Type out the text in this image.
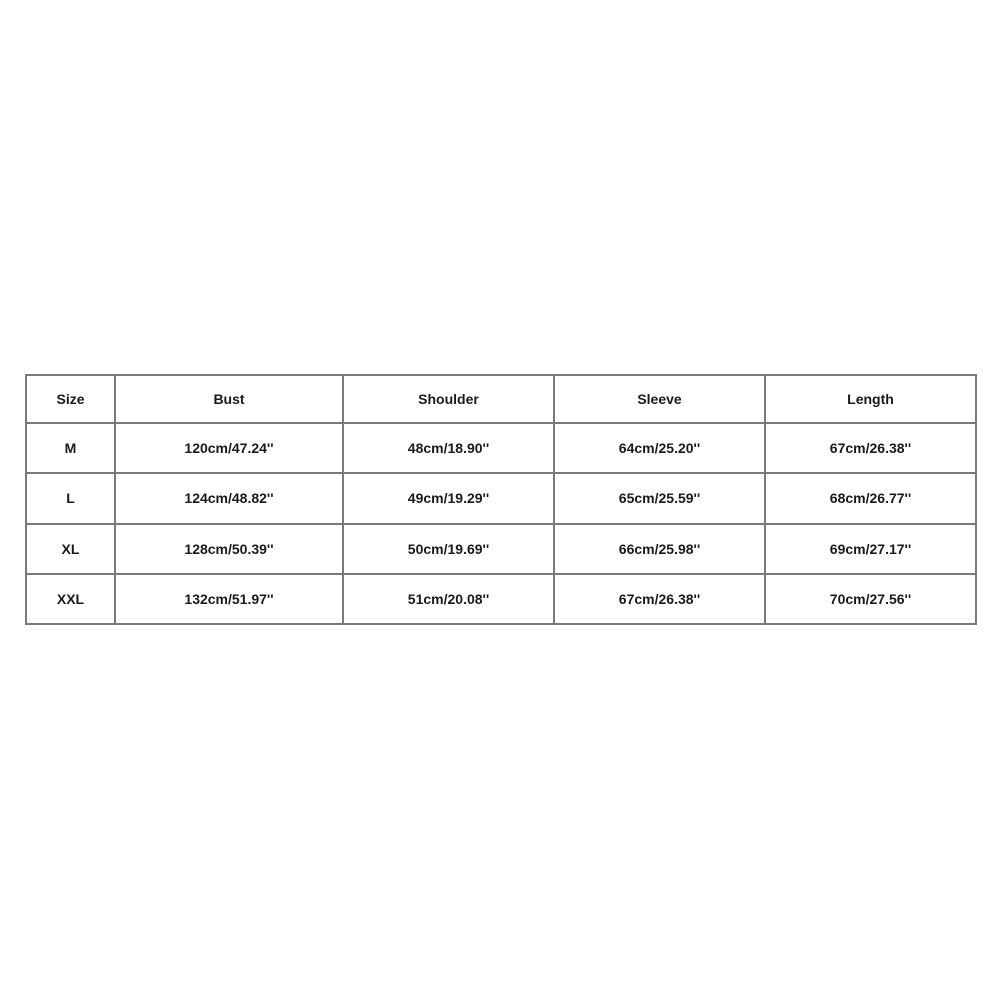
Size	Bust	Shoulder	Sleeve	Length
M	120cm/47.24''	48cm/18.90''	64cm/25.20''	67cm/26.38''
L	124cm/48.82''	49cm/19.29''	65cm/25.59''	68cm/26.77''
XL	128cm/50.39''	50cm/19.69''	66cm/25.98''	69cm/27.17''
XXL	132cm/51.97''	51cm/20.08''	67cm/26.38''	70cm/27.56''
